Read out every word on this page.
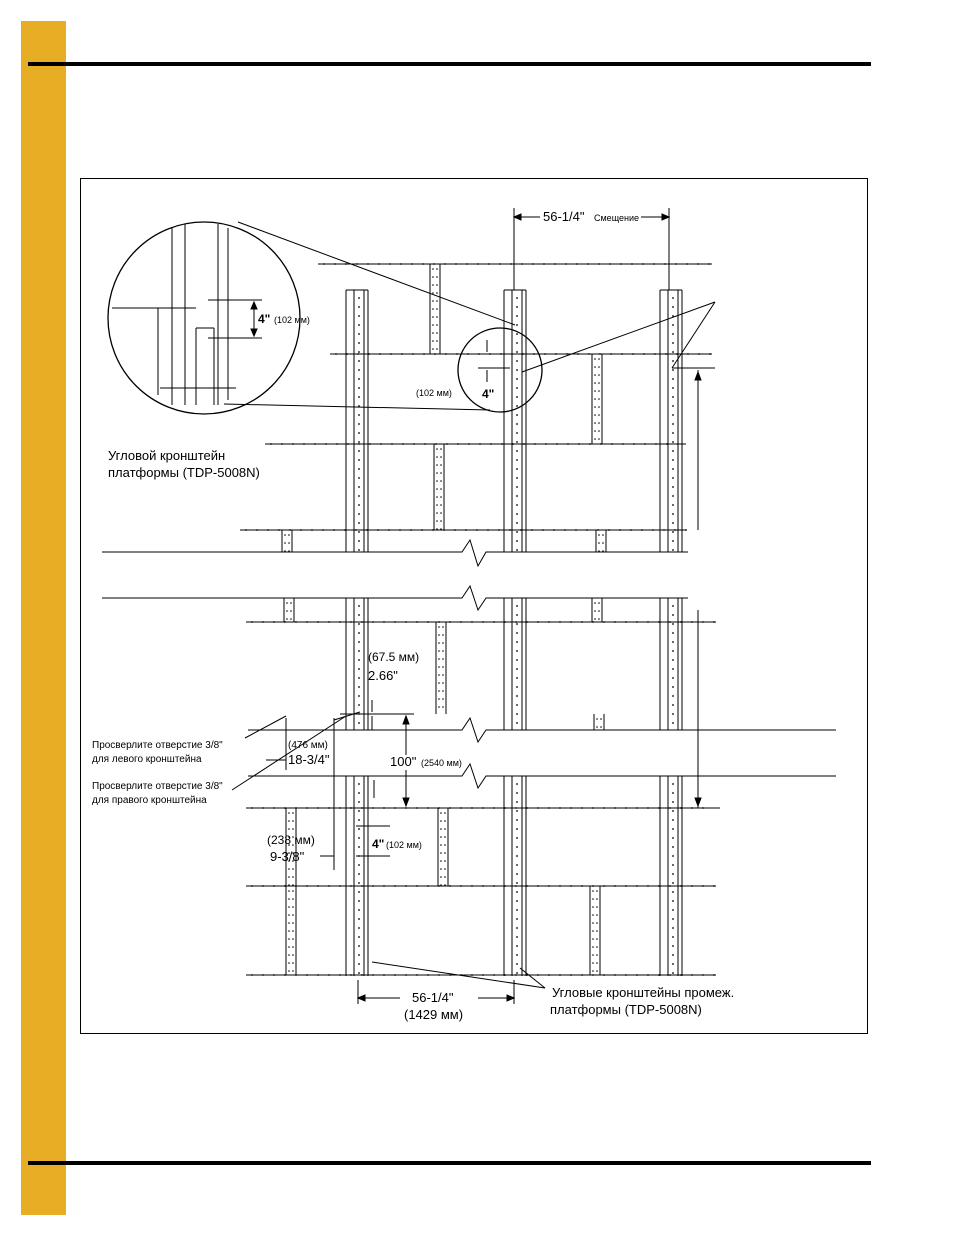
56-1/4" Смещение
4" (102 мм)
(102 мм)	4"
Угловой кронштейн
платформы (TDP-5008N)
(67.5 мм)
2.66"
(476 мм)
18-3/4"
Просверлите отверстие 3/8"
для левого кронштейна
Просверлите отверстие 3/8"
для правого кронштейна
100" (2540 мм)
(238 мм)
9-3/8"
4" (102 мм)
56-1/4"
(1429 мм)
Угловые кронштейны промеж.
платформы (TDP-5008N)
